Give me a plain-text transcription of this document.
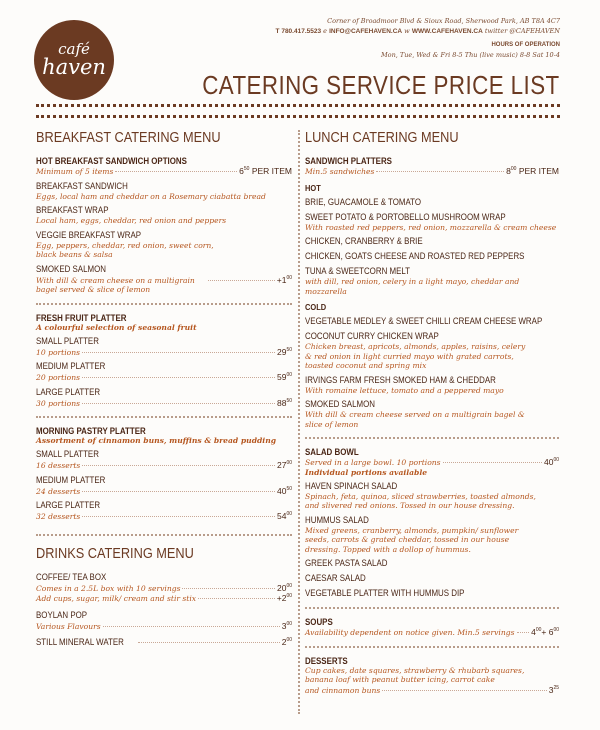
café
haven
Corner of Broadmoor Blvd & Sioux Road, Sherwood Park, AB T8A 4C7
T 780.417.5523 e INFO@CAFEHAVEN.CA w WWW.CAFEHAVEN.CA twitter @CAFEHAVEN
HOURS OF OPERATION
Mon, Tue, Wed & Fri 8-5 Thu (live music) 8-8 Sat 10-4
CATERING SERVICE PRICE LIST
BREAKFAST CATERING MENU
HOT BREAKFAST SANDWICH OPTIONS
Minimum of 5 items	$6^{50}$ PER ITEM
BREAKFAST SANDWICH
Eggs, local ham and cheddar on a Rosemary ciabatta bread
BREAKFAST WRAP
Local ham, eggs, cheddar, red onion and peppers
VEGGIE BREAKFAST WRAP
Egg, peppers, cheddar, red onion, sweet corn, black beans & salsa
SMOKED SALMON
With dill & cream cheese on a multigrain bagel served & slice of lemon
$+1^{00}$
FRESH FRUIT PLATTER
A colourful selection of seasonal fruit
SMALL PLATTER
10 portions	$29^{50}$
MEDIUM PLATTER
20 portions	$59^{00}$
LARGE PLATTER
30 portions	$88^{50}$
MORNING PASTRY PLATTER
Assortment of cinnamon buns, muffins & bread pudding
SMALL PLATTER
16 desserts	$27^{00}$
MEDIUM PLATTER
24 desserts	$40^{50}$
LARGE PLATTER
32 desserts	$54^{00}$
DRINKS CATERING MENU
COFFEE/ TEA BOX
Comes in a 2.5L box with 10 servings	$20^{00}$
Add cups, sugar, milk/ cream and stir stix	$+2^{00}$
BOYLAN POP
Various Flavours	$3^{00}$
STILL MINERAL WATER	$2^{00}$
LUNCH CATERING MENU
SANDWICH PLATTERS
Min.5 sandwiches	$8^{00}$ PER ITEM
HOT
BRIE, GUACAMOLE & TOMATO
SWEET POTATO & PORTOBELLO MUSHROOM WRAP
With roasted red peppers, red onion, mozzarella & cream cheese
CHICKEN, CRANBERRY & BRIE
CHICKEN, GOATS CHEESE AND ROASTED RED PEPPERS
TUNA & SWEETCORN MELT
with dill, red onion, celery in a light mayo, cheddar and mozzarella
COLD
VEGETABLE MEDLEY & SWEET CHILLI CREAM CHEESE WRAP
COCONUT CURRY CHICKEN WRAP
Chicken breast, apricots, almonds, apples, raisins, celery & red onion in light curried mayo with grated carrots, toasted coconut and spring mix
IRVINGS FARM FRESH SMOKED HAM & CHEDDAR
With romaine lettuce, tomato and a peppered mayo
SMOKED SALMON
With dill & cream cheese served on a multigrain bagel & slice of lemon
SALAD BOWL
Served in a large bowl. 10 portions	$40^{00}$
Individual portions available
HAVEN SPINACH SALAD
Spinach, feta, quinoa, sliced strawberries, toasted almonds, and slivered red onions. Tossed in our house dressing.
HUMMUS SALAD
Mixed greens, cranberry, almonds, pumpkin/ sunflower seeds, carrots & grated cheddar, tossed in our house dressing. Topped with a dollop of hummus.
GREEK PASTA SALAD
CAESAR SALAD
VEGETABLE PLATTER WITH HUMMUS DIP
SOUPS
Availability dependent on notice given. Min.5 servings $4^{00}+ 6^{00}$
DESSERTS
Cup cakes, date squares, strawberry & rhubarb squares,
banana loaf with peanut butter icing, carrot cake
and cinnamon buns	$3^{25}$
